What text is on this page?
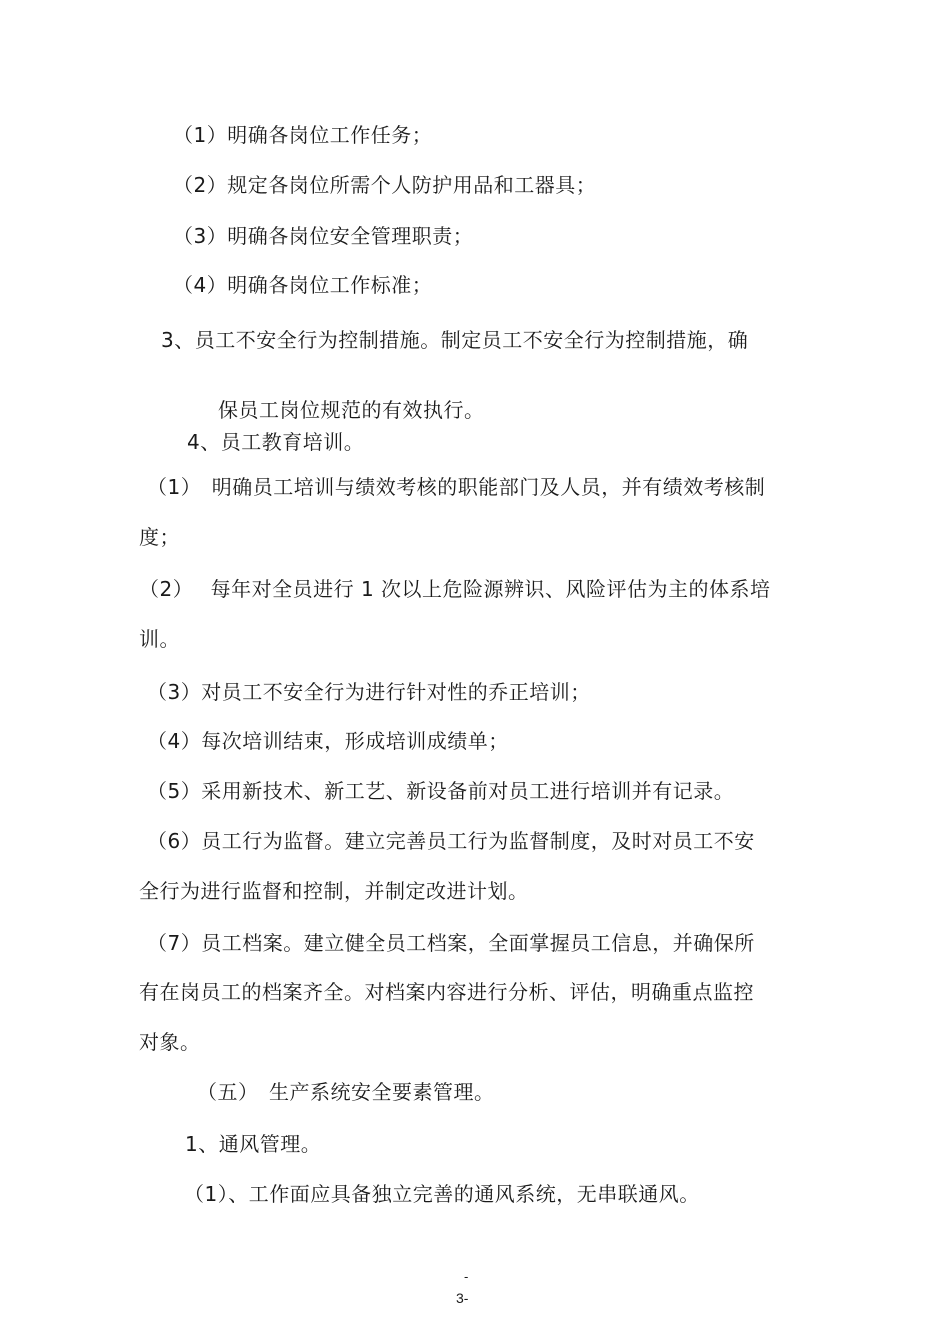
（1）明确各岗位工作任务；
（2）规定各岗位所需个人防护用品和工器具；
（3）明确各岗位安全管理职责；
（4）明确各岗位工作标准；
3、员工不安全行为控制措施。制定员工不安全行为控制措施，确
保员工岗位规范的有效执行。
4、员工教育培训。
（1）　明确员工培训与绩效考核的职能部门及人员，并有绩效考核制
度；
（2）　 每年对全员进行 1 次以上危险源辨识、风险评估为主的体系培
训。
（3）对员工不安全行为进行针对性的乔正培训；
（4）每次培训结束，形成培训成绩单；
（5）采用新技术、新工艺、新设备前对员工进行培训并有记录。
（6）员工行为监督。建立完善员工行为监督制度，及时对员工不安
全行为进行监督和控制，并制定改进计划。
（7）员工档案。建立健全员工档案，全面掌握员工信息，并确保所
有在岗员工的档案齐全。对档案内容进行分析、评估，明确重点监控
对象。
（五）　生产系统安全要素管理。
1、通风管理。
（1）、工作面应具备独立完善的通风系统，无串联通风。
-
3-
